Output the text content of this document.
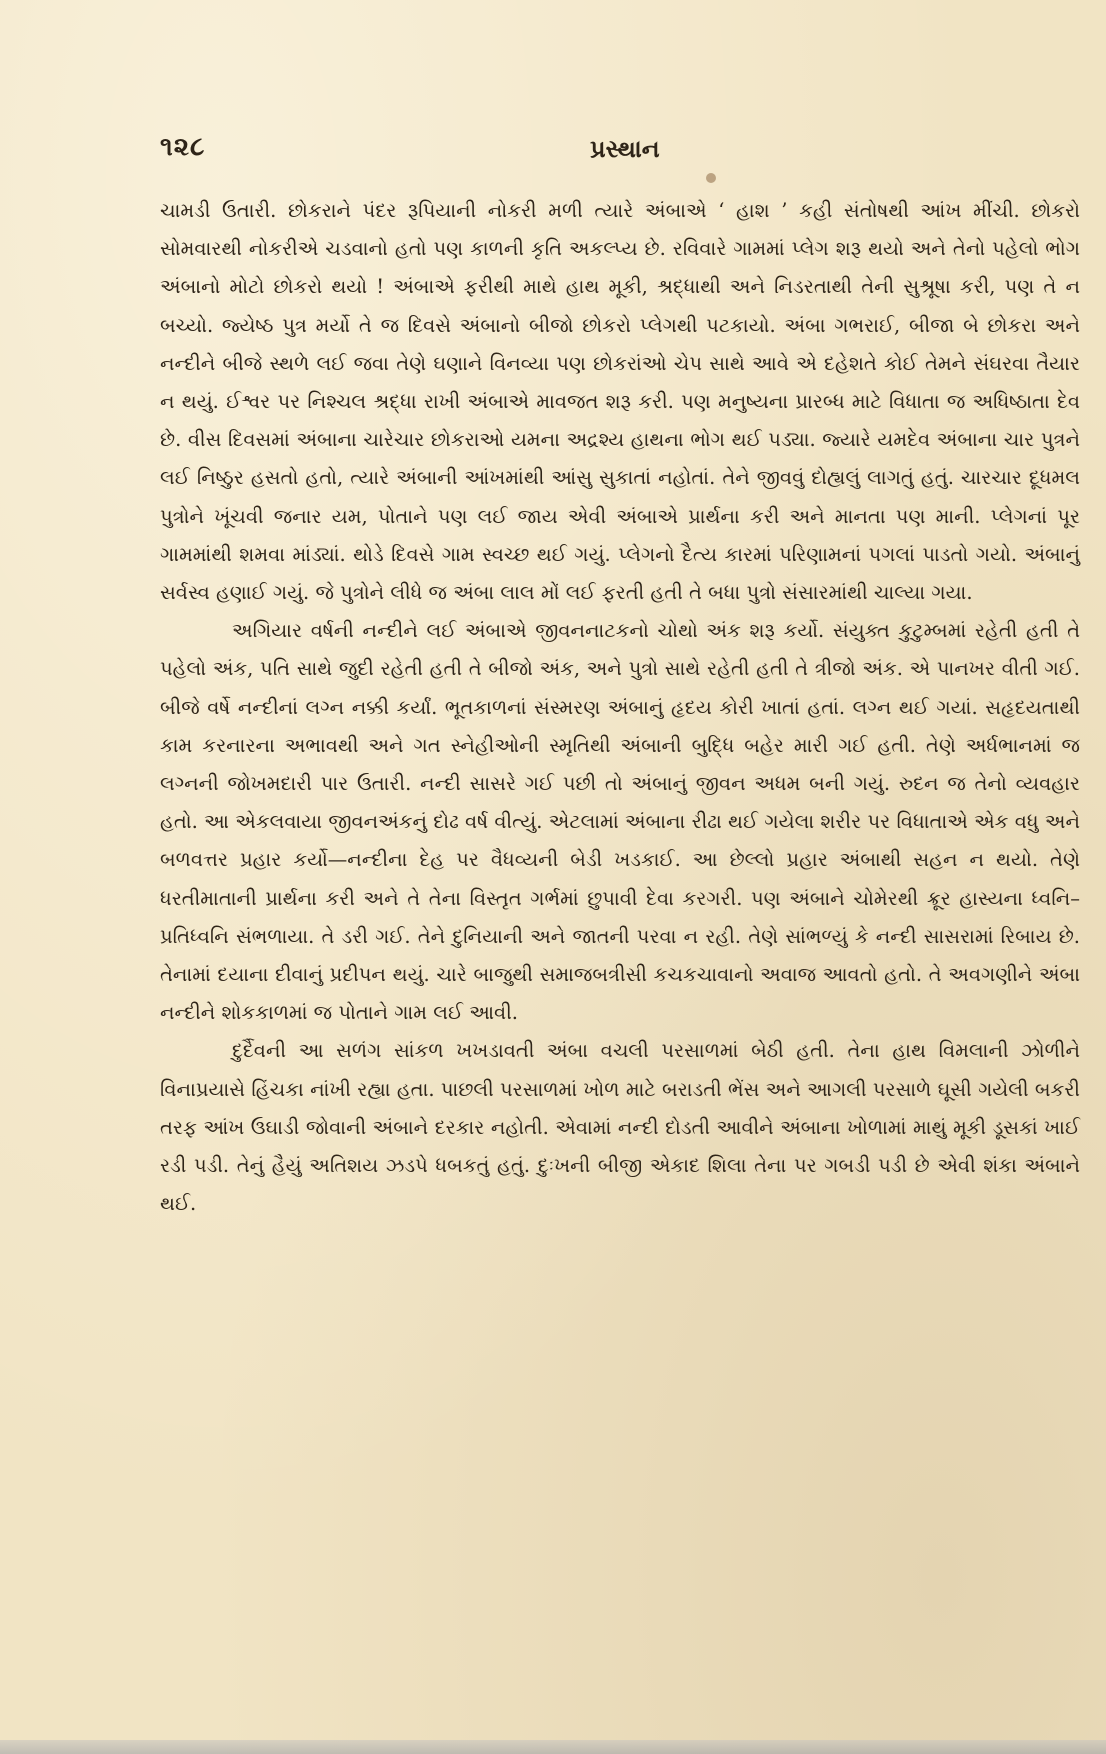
૧૨૮	પ્રસ્થાન

ચામડી ઉતારી. છોકરાને પંદર રૂપિયાની નોકરી મળી ત્યારે અંબાએ ‘ હાશ ’ કહી સંતોષથી આંખ મીંચી. છોકરો સોમવારથી નોકરીએ ચડવાનો હતો પણ કાળની કૃતિ અકલ્પ્ય છે. રવિવારે ગામમાં પ્લેગ શરૂ થયો અને તેનો પહેલો ભોગ અંબાનો મોટો છોકરો થયો ! અંબાએ ફરીથી માથે હાથ મૂકી, શ્રદ્ધાથી અને નિડરતાથી તેની સુશ્રૂષા કરી, પણ તે ન બચ્યો. જ્યેષ્ઠ પુત્ર મર્યો તે જ દિવસે અંબાનો બીજો છોકરો પ્લેગથી પટકાયો. અંબા ગભરાઈ, બીજા બે છોકરા અને નન્દીને બીજે સ્થળે લઈ જવા તેણે ઘણાને વિનવ્યા પણ છોકરાંઓ ચેપ સાથે આવે એ દહેશતે કોઈ તેમને સંઘરવા તૈયાર ન થયું. ઈશ્વર પર નિશ્ચલ શ્રદ્ધા રાખી અંબાએ માવજત શરૂ કરી. પણ મનુષ્યના પ્રારબ્ધ માટે વિધાતા જ અધિષ્ઠાતા દેવ છે. વીસ દિવસમાં અંબાના ચારેચાર છોકરાઓ યમના અદ્રશ્ય હાથના ભોગ થઈ પડ્યા. જ્યારે યમદેવ અંબાના ચાર પુત્રને લઈ નિષ્ઠુર હસતો હતો, ત્યારે અંબાની આંખમાંથી આંસુ સુકાતાં નહોતાં. તેને જીવવું દોહ્યલું લાગતું હતું. ચારચાર દૂધમલ પુત્રોને ખૂંચવી જનાર યમ, પોતાને પણ લઈ જાય એવી અંબાએ પ્રાર્થના કરી અને માનતા પણ માની. પ્લેગનાં પૂર ગામમાંથી શમવા માંડ્યાં. થોડે દિવસે ગામ સ્વચ્છ થઈ ગયું. પ્લેગનો દૈત્ય કારમાં પરિણામનાં પગલાં પાડતો ગયો. અંબાનું સર્વસ્વ હણાઈ ગયું. જે પુત્રોને લીધે જ અંબા લાલ મોં લઈ ફરતી હતી તે બધા પુત્રો સંસારમાંથી ચાલ્યા ગયા.

અગિયાર વર્ષની નન્દીને લઈ અંબાએ જીવનનાટકનો ચોથો અંક શરૂ કર્યો. સંયુક્ત કુટુમ્બમાં રહેતી હતી તે પહેલો અંક, પતિ સાથે જુદી રહેતી હતી તે બીજો અંક, અને પુત્રો સાથે રહેતી હતી તે ત્રીજો અંક. એ પાનખર વીતી ગઈ. બીજે વર્ષે નન્દીનાં લગ્ન નક્કી કર્યાં. ભૂતકાળનાં સંસ્મરણ અંબાનું હૃદય કોરી ખાતાં હતાં. લગ્ન થઈ ગયાં. સહૃદયતાથી કામ કરનારના અભાવથી અને ગત સ્નેહીઓની સ્મૃતિથી અંબાની બુદ્ધિ બહેર મારી ગઈ હતી. તેણે અર્ધભાનમાં જ લગ્નની જોખમદારી પાર ઉતારી. નન્દી સાસરે ગઈ પછી તો અંબાનું જીવન અધમ બની ગયું. રુદન જ તેનો વ્યવહાર હતો. આ એકલવાયા જીવનઅંકનું દોઢ વર્ષ વીત્યું. એટલામાં અંબાના રીઢા થઈ ગયેલા શરીર પર વિધાતાએ એક વધુ અને બળવત્તર પ્રહાર કર્યો—નન્દીના દેહ પર વૈધવ્યની બેડી ખડકાઈ. આ છેલ્લો પ્રહાર અંબાથી સહન ન થયો. તેણે ધરતીમાતાની પ્રાર્થના કરી અને તે તેના વિસ્તૃત ગર્ભમાં છુપાવી દેવા કરગરી. પણ અંબાને ચોમેરથી ક્રૂર હાસ્યના ધ્વનિ–પ્રતિધ્વનિ સંભળાયા. તે ડરી ગઈ. તેને દુનિયાની અને જાતની પરવા ન રહી. તેણે સાંભળ્યું કે નન્દી સાસરામાં રિબાય છે. તેનામાં દયાના દીવાનું પ્રદીપન થયું. ચારે બાજુથી સમાજબત્રીસી કચકચાવાનો અવાજ આવતો હતો. તે અવગણીને અંબા નન્દીને શોકકાળમાં જ પોતાને ગામ લઈ આવી.

દુર્દૈવની આ સળંગ સાંકળ ખખડાવતી અંબા વચલી પરસાળમાં બેઠી હતી. તેના હાથ વિમલાની ઝોળીને વિનાપ્રયાસે હિંચકા નાંખી રહ્યા હતા. પાછલી પરસાળમાં ખોળ માટે બરાડતી ભેંસ અને આગલી પરસાળે ઘૂસી ગયેલી બકરી તરફ આંખ ઉઘાડી જોવાની અંબાને દરકાર નહોતી. એવામાં નન્દી દોડતી આવીને અંબાના ખોળામાં માથું મૂકી ડૂસકાં ખાઈ રડી પડી. તેનું હૈયું અતિશય ઝડપે ધબકતું હતું. દુઃખની બીજી એકાદ શિલા તેના પર ગબડી પડી છે એવી શંકા અંબાને થઈ.
